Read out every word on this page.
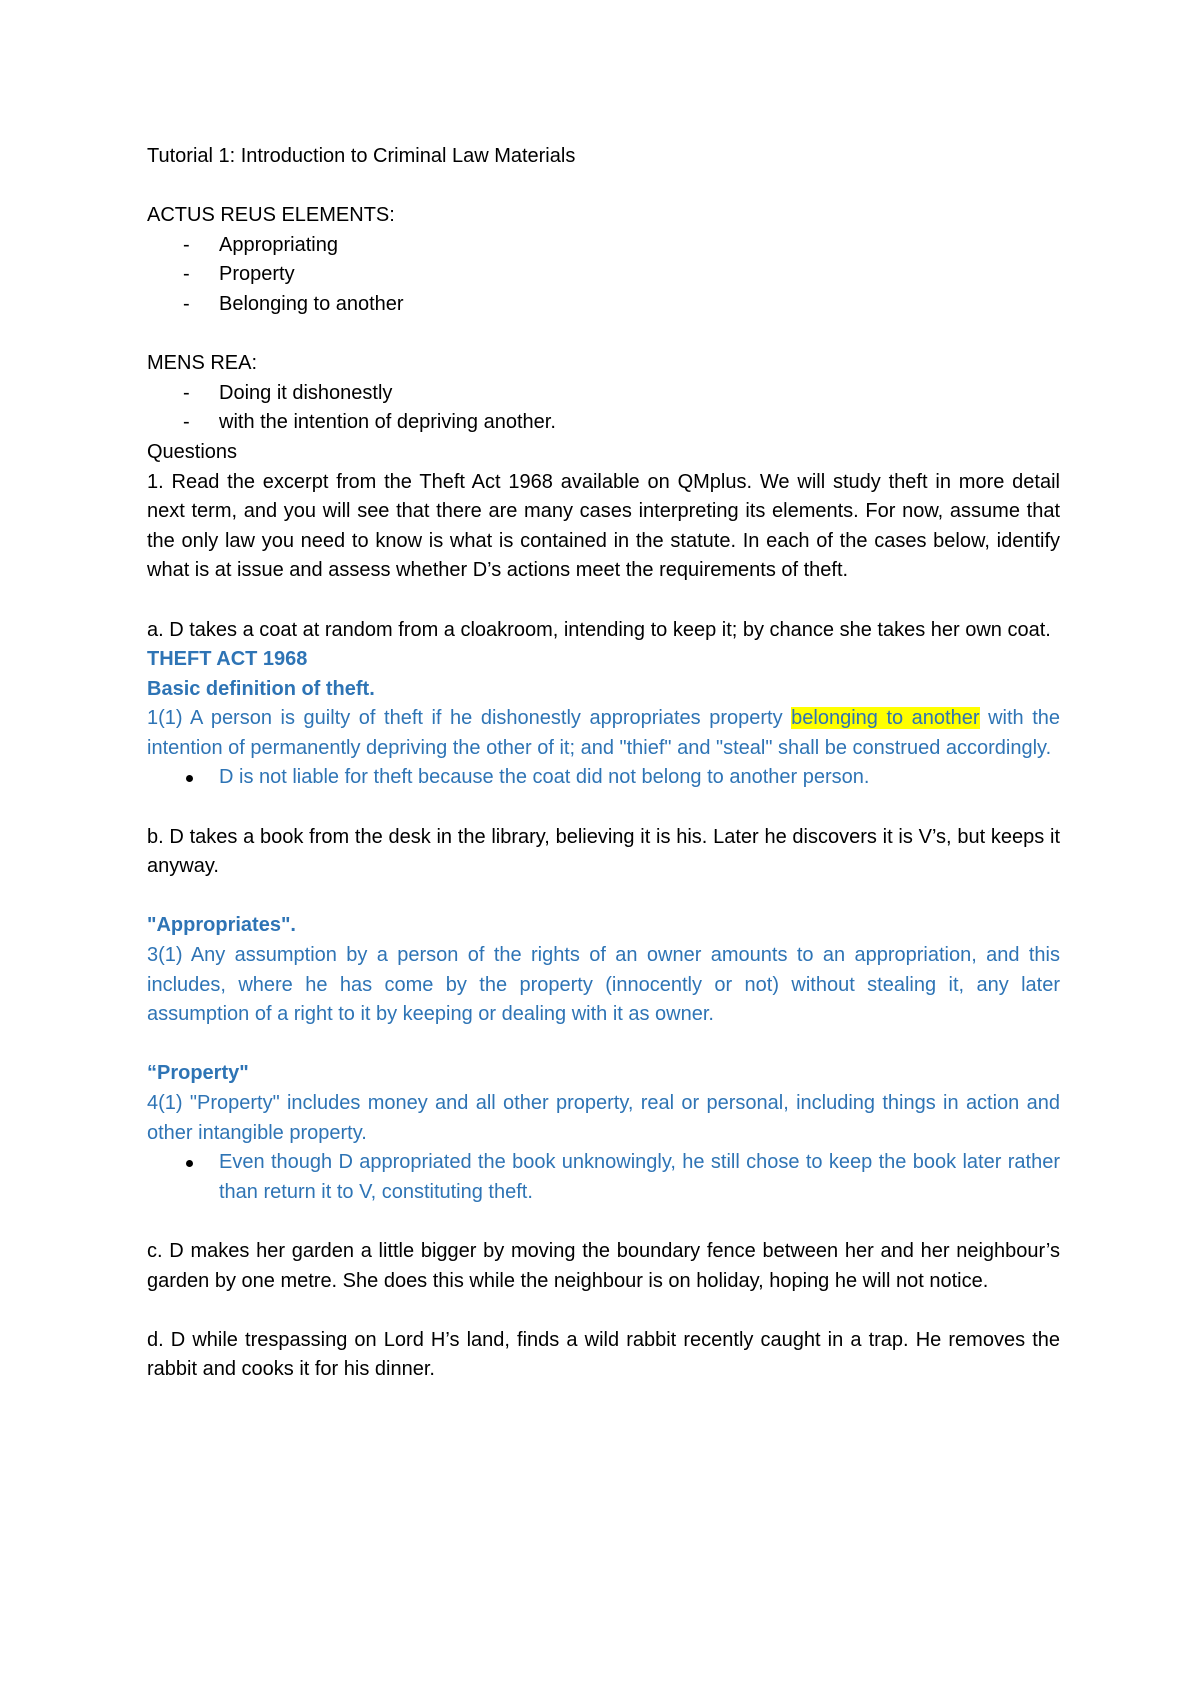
Tutorial 1: Introduction to Criminal Law Materials

ACTUS REUS ELEMENTS:

- Appropriating
- Property
- Belonging to another

MENS REA:

- Doing it dishonestly
- with the intention of depriving another.

Questions

1. Read the excerpt from the Theft Act 1968 available on QMplus. We will study theft in more detail next term, and you will see that there are many cases interpreting its elements. For now, assume that the only law you need to know is what is contained in the statute. In each of the cases below, identify what is at issue and assess whether D’s actions meet the requirements of theft.

a. D takes a coat at random from a cloakroom, intending to keep it; by chance she takes her own coat.

THEFT ACT 1968

Basic definition of theft.

1(1) A person is guilty of theft if he dishonestly appropriates property belonging to another with the intention of permanently depriving the other of it; and "thief" and "steal" shall be construed accordingly.

D is not liable for theft because the coat did not belong to another person.

b. D takes a book from the desk in the library, believing it is his. Later he discovers it is V’s, but keeps it anyway.

"Appropriates".

3(1) Any assumption by a person of the rights of an owner amounts to an appropriation, and this includes, where he has come by the property (innocently or not) without stealing it, any later assumption of a right to it by keeping or dealing with it as owner.

“Property"

4(1) "Property" includes money and all other property, real or personal, including things in action and other intangible property.

Even though D appropriated the book unknowingly, he still chose to keep the book later rather than return it to V, constituting theft.

c. D makes her garden a little bigger by moving the boundary fence between her and her neighbour’s garden by one metre. She does this while the neighbour is on holiday, hoping he will not notice.

d. D while trespassing on Lord H’s land, finds a wild rabbit recently caught in a trap. He removes the rabbit and cooks it for his dinner.
